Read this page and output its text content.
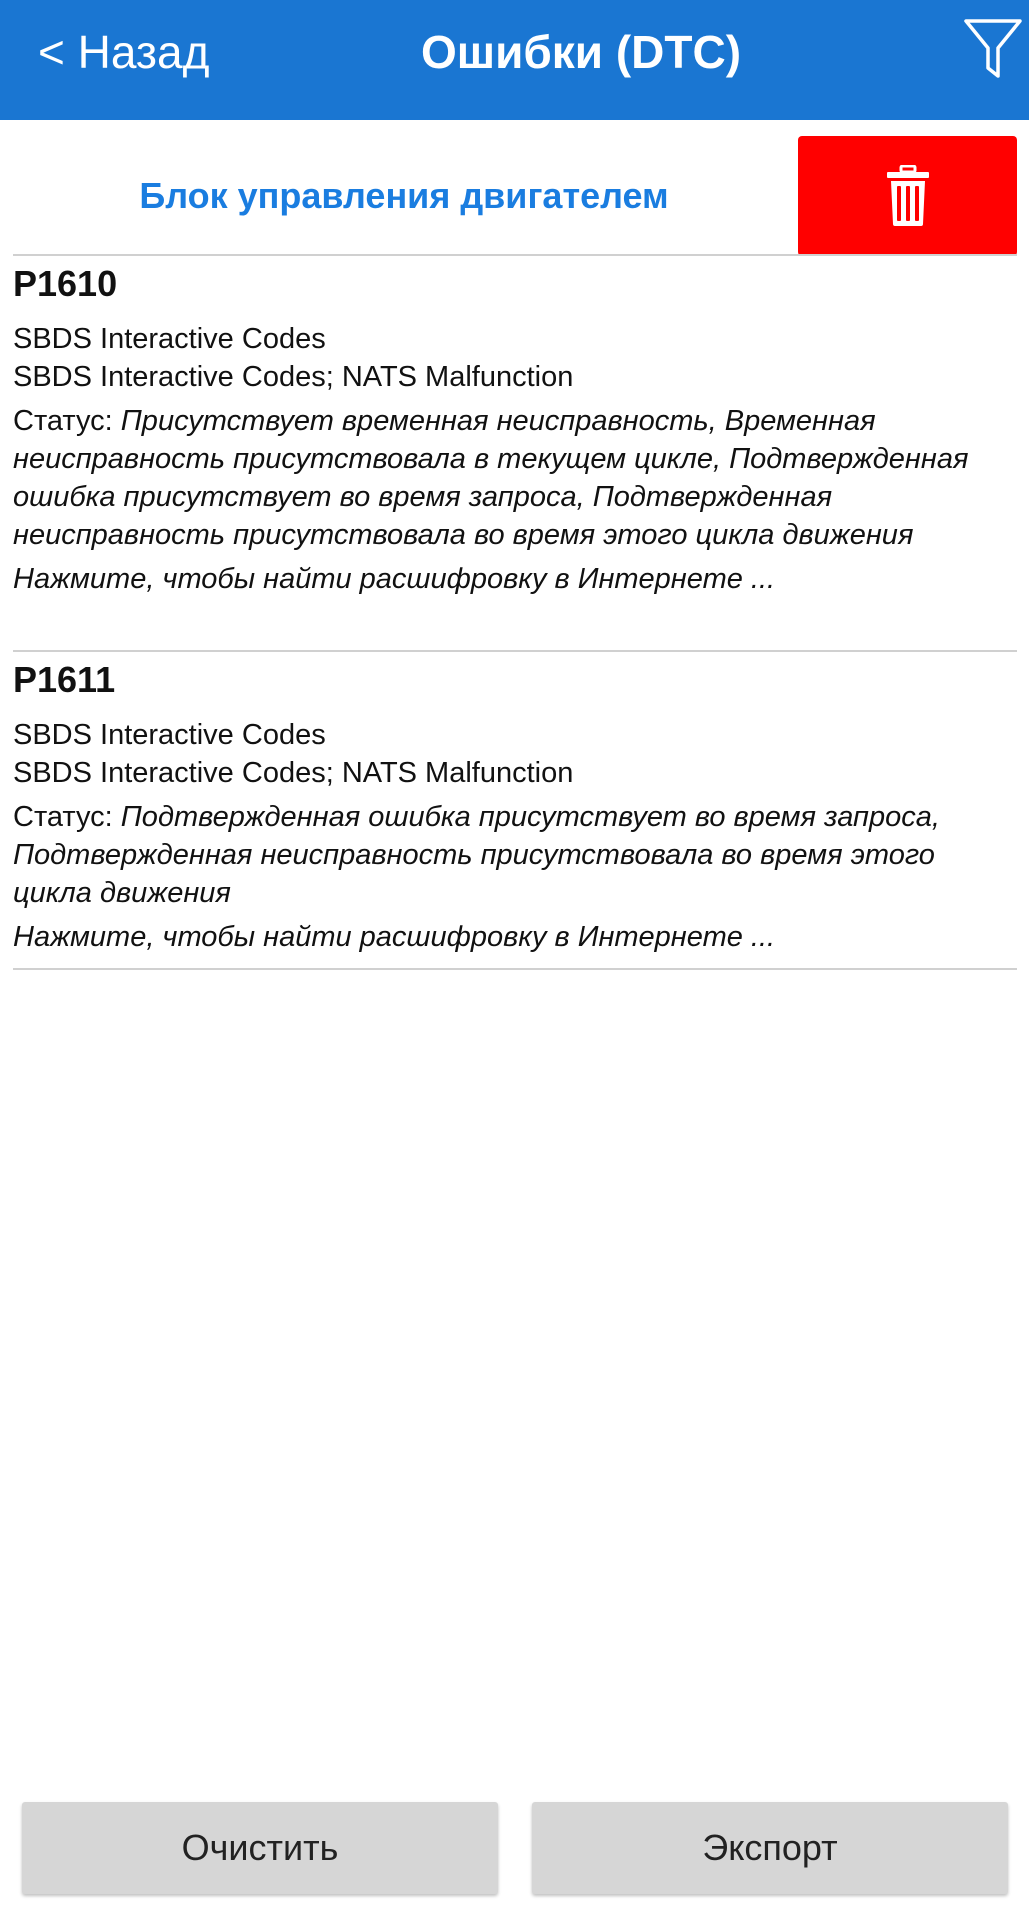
< Назад	Ошибки (DTC)
Блок управления двигателем
P1610
SBDS Interactive Codes
SBDS Interactive Codes; NATS Malfunction
Статус: Присутствует временная неисправность, Временная неисправность присутствовала в текущем цикле, Подтвержденная ошибка присутствует во время запроса, Подтвержденная неисправность присутствовала во время этого цикла движения
Нажмите, чтобы найти расшифровку в Интернете ...
P1611
SBDS Interactive Codes
SBDS Interactive Codes; NATS Malfunction
Статус: Подтвержденная ошибка присутствует во время запроса, Подтвержденная неисправность присутствовала во время этого цикла движения
Нажмите, чтобы найти расшифровку в Интернете ...
Очистить	Экспорт
